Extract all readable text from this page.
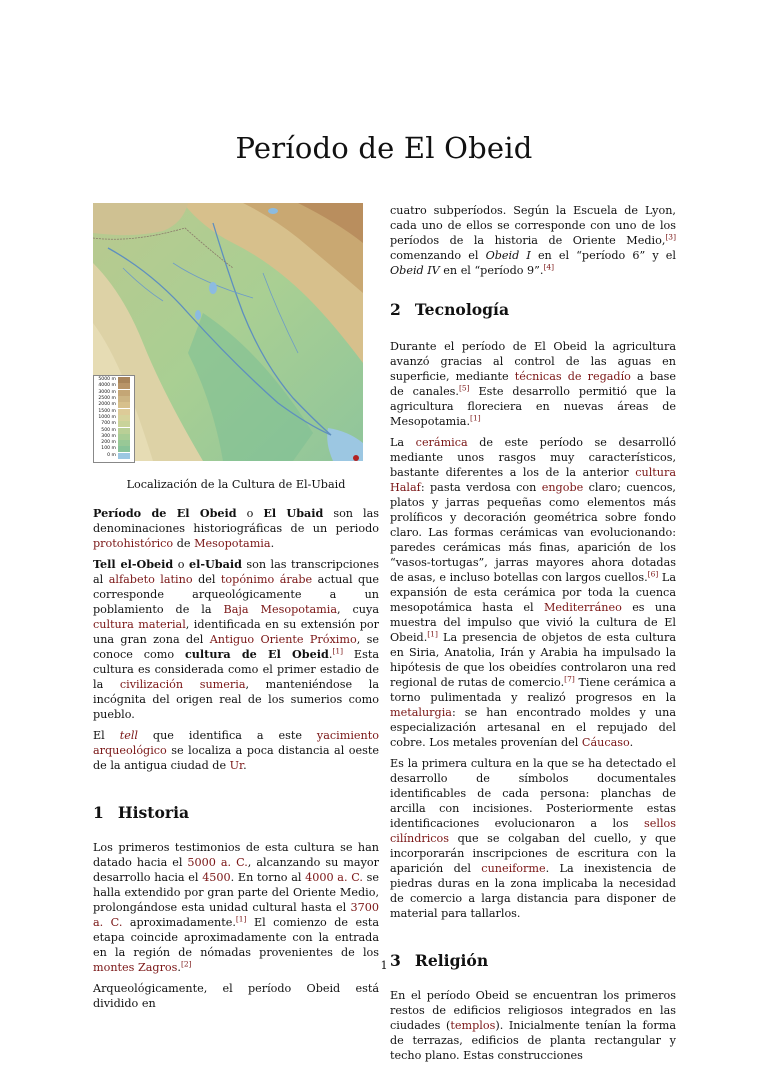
Período de El Obeid
5000 m
4000 m
3000 m
2500 m
2000 m
1500 m
1000 m
700 m
500 m
300 m
200 m
100 m
0 m
Localización de la Cultura de El-Ubaid

Período de El Obeid o El Ubaid son las denominaciones historiográficas de un periodo protohistórico de Mesopotamia.

Tell el-Obeid o el-Ubaid son las transcripciones al alfabeto latino del topónimo árabe actual que corresponde arqueológicamente a un poblamiento de la Baja Mesopotamia, cuya cultura material, identificada en su extensión por una gran zona del Antiguo Oriente Próximo, se conoce como cultura de El Obeid.[1] Esta cultura es considerada como el primer estadio de la civilización sumeria, manteniéndose la incógnita del origen real de los sumerios como pueblo.

El tell que identifica a este yacimiento arqueológico se localiza a poca distancia al oeste de la antigua ciudad de Ur.

1 Historia

Los primeros testimonios de esta cultura se han datado hacia el 5000 a. C., alcanzando su mayor desarrollo hacia el 4500. En torno al 4000 a. C. se halla extendido por gran parte del Oriente Medio, prolongándose esta unidad cultural hasta el 3700 a. C. aproximadamente.[1] El comienzo de esta etapa coincide aproximadamente con la entrada en la región de nómadas provenientes de los montes Zagros.[2]

Arqueológicamente, el período Obeid está dividido en

cuatro subperíodos. Según la Escuela de Lyon, cada uno de ellos se corresponde con uno de los períodos de la historia de Oriente Medio,[3] comenzando el Obeid I en el “período 6” y el Obeid IV en el “período 9”.[4]

2 Tecnología

Durante el período de El Obeid la agricultura avanzó gracias al control de las aguas en superficie, mediante técnicas de regadío a base de canales.[5] Este desarrollo permitió que la agricultura floreciera en nuevas áreas de Mesopotamia.[1]

La cerámica de este período se desarrolló mediante unos rasgos muy característicos, bastante diferentes a los de la anterior cultura Halaf: pasta verdosa con engobe claro; cuencos, platos y jarras pequeñas como elementos más prolíficos y decoración geométrica sobre fondo claro. Las formas cerámicas van evolucionando: paredes cerámicas más finas, aparición de los “vasos-tortugas”, jarras mayores ahora dotadas de asas, e incluso botellas con largos cuellos.[6] La expansión de esta cerámica por toda la cuenca mesopotámica hasta el Mediterráneo es una muestra del impulso que vivió la cultura de El Obeid.[1] La presencia de objetos de esta cultura en Siria, Anatolia, Irán y Arabia ha impulsado la hipótesis de que los obeidíes controlaron una red regional de rutas de comercio.[7] Tiene cerámica a torno pulimentada y realizó progresos en la metalurgia: se han encontrado moldes y una especialización artesanal en el repujado del cobre. Los metales provenían del Cáucaso.

Es la primera cultura en la que se ha detectado el desarrollo de símbolos documentales identificables de cada persona: planchas de arcilla con incisiones. Posteriormente estas identificaciones evolucionaron a los sellos cilíndricos que se colgaban del cuello, y que incorporarán inscripciones de escritura con la aparición del cuneiforme. La inexistencia de piedras duras en la zona implicaba la necesidad de comercio a larga distancia para disponer de material para tallarlos.

3 Religión

En el período Obeid se encuentran los primeros restos de edificios religiosos integrados en las ciudades (templos). Inicialmente tenían la forma de terrazas, edificios de planta rectangular y techo plano. Estas construcciones

1
